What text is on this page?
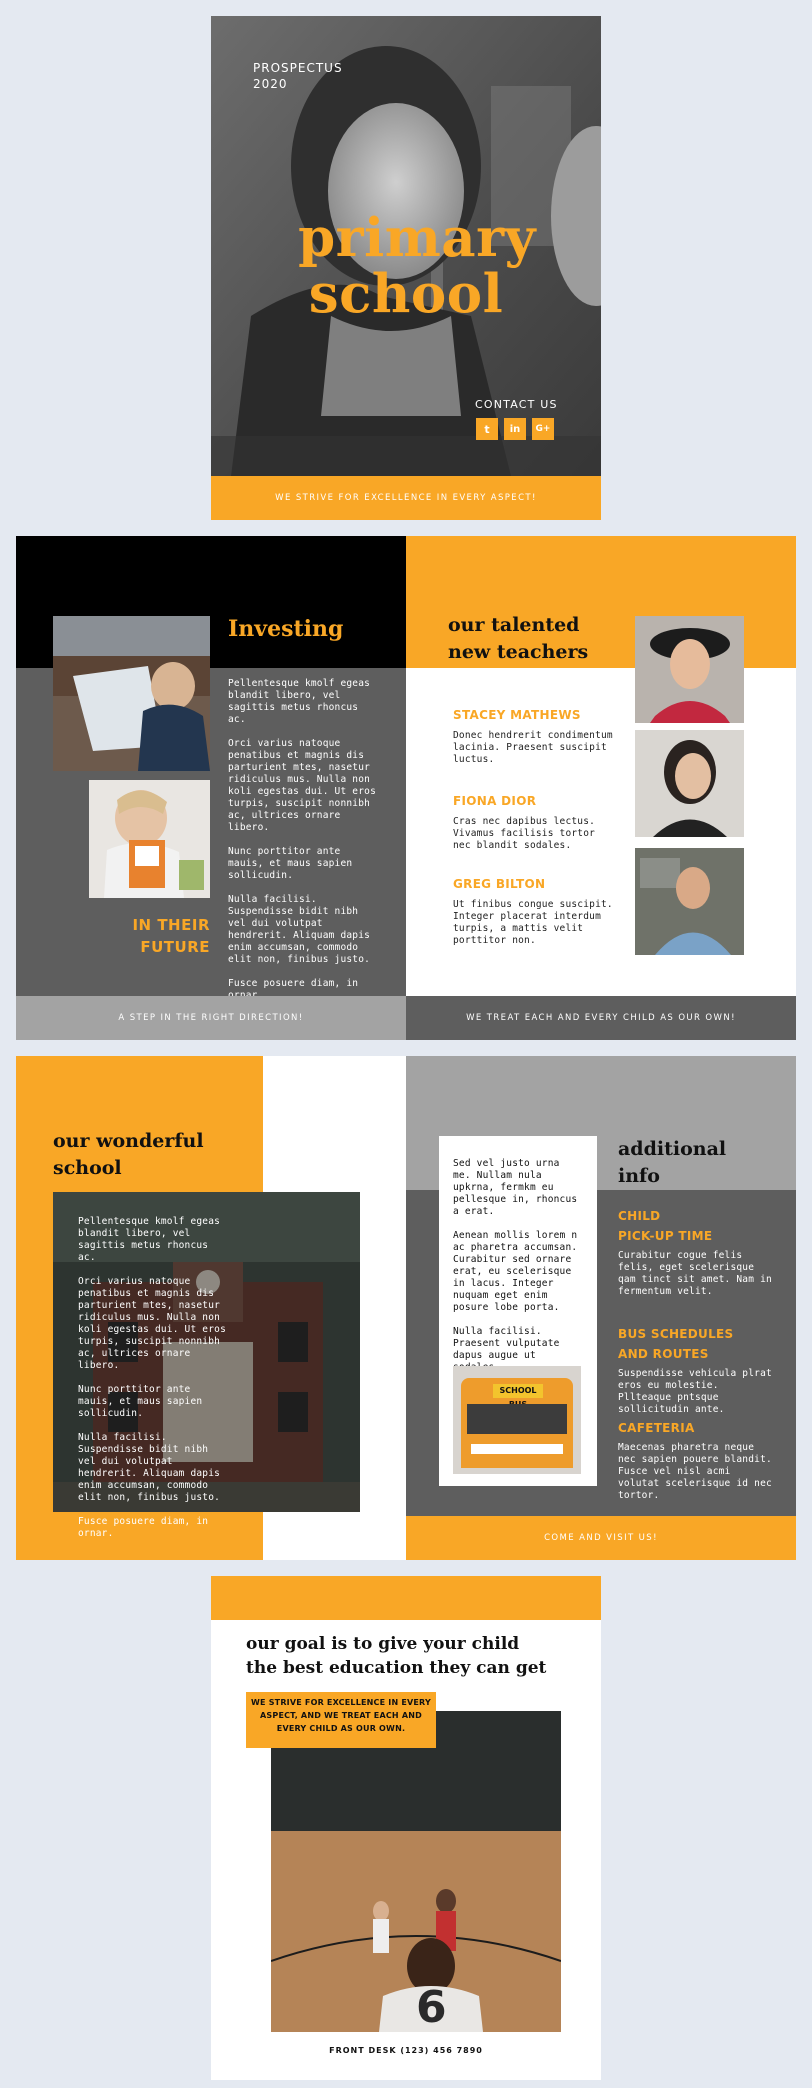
PROSPECTUS
2020
primary
school
CONTACT US
t	in	G+
WE STRIVE FOR EXCELLENCE IN EVERY ASPECT!
Investing

Pellentesque kmolf egeas blandit libero, vel sagittis metus rhoncus ac.

Orci varius natoque penatibus et magnis dis parturient mtes, nasetur ridiculus mus. Nulla non koli egestas dui. Ut eros turpis, suscipit nonnibh ac, ultrices ornare libero.

Nunc porttitor ante mauis, et maus sapien sollicudin.

Nulla facilisi. Suspendisse bidit nibh vel dui volutpat hendrerit. Aliquam dapis enim accumsan, commodo elit non, finibus justo.

Fusce posuere diam, in

IN THEIR
FUTURE
A STEP IN THE RIGHT DIRECTION!
our talented
new teachers
STACEY MATHEWS
Donec hendrerit condimentum lacinia. Praesent suscipit luctus.
FIONA DIOR
Cras nec dapibus lectus. Vivamus facilisis tortor nec blandit sodales.
GREG BILTON
Ut finibus congue suscipit. Integer placerat interdum turpis, a mattis velit porttitor non.
WE TREAT EACH AND EVERY CHILD AS OUR OWN!
our wonderful
school

Pellentesque kmolf egeas blandit libero, vel sagittis metus rhoncus ac.

Orci varius natoque penatibus et magnis dis parturient mtes, nasetur ridiculus mus. Nulla non koli egestas dui. Ut eros turpis, suscipit nonnibh ac, ultrices ornare libero.

Nunc porttitor ante mauis, et maus sapien sollicudin.

Nulla facilisi. Suspendisse bidit nibh vel dui volutpat hendrerit. Aliquam dapis enim accumsan, commodo elit non, finibus justo.

Fusce posuere diam, in ornar.

Sed vel justo urna me. Nullam nula upkrna, fermkm eu pellesque in, rhoncus a erat.

Aenean mollis lorem n ac pharetra accumsan. Curabitur sed ornare erat, eu scelerisque in lacus. Integer nuquam eget enim posure lobe porta.

Nulla facilisi. Praesent vulputate dapus augue ut

SCHOOL
additional
info
CHILD
PICK-UP TIME
Curabitur cogue felis felis, eget scelerisque qam tinct sit amet. Nam in fermentum velit.
BUS SCHEDULES
AND ROUTES
Suspendisse vehicula plrat eros eu molestie. Pllteaque pntsque sollicitudin ante.
CAFETERIA
Maecenas pharetra neque nec sapien pouere blandit. Fusce vel nisl acmi volutat scelerisque id nec tortor.
COME AND VISIT US!
our goal is to give your child
the best education they can get
6
WE STRIVE FOR EXCELLENCE IN EVERY ASPECT, AND WE TREAT EACH AND EVERY CHILD AS OUR OWN.
FRONT DESK (123) 456 7890
